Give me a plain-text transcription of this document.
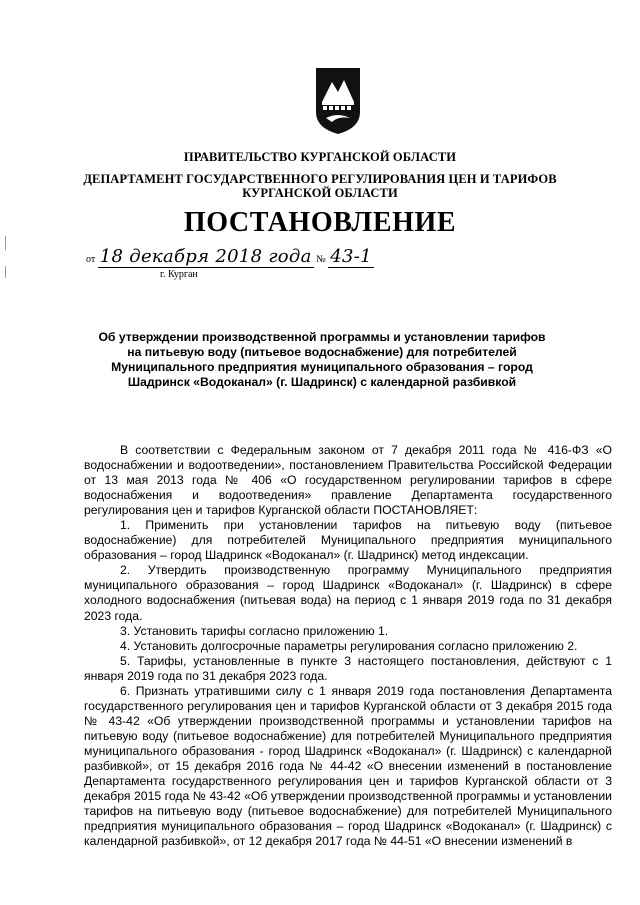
ПРАВИТЕЛЬСТВО КУРГАНСКОЙ ОБЛАСТИ
ДЕПАРТАМЕНТ ГОСУДАРСТВЕННОГО РЕГУЛИРОВАНИЯ ЦЕН И ТАРИФОВ
КУРГАНСКОЙ ОБЛАСТИ
ПОСТАНОВЛЕНИЕ
от 18 декабря 2018 года № 43-1
г. Курган
Об утверждении производственной программы и установлении тарифов на питьевую воду (питьевое водоснабжение) для потребителей Муниципального предприятия муниципального образования – город Шадринск «Водоканал» (г. Шадринск) с календарной разбивкой

В соответствии с Федеральным законом от 7 декабря 2011 года № 416-ФЗ «О водоснабжении и водоотведении», постановлением Правительства Российской Федерации от 13 мая 2013 года № 406 «О государственном регулировании тарифов в сфере водоснабжения и водоотведения» правление Департамента государственного регулирования цен и тарифов Курганской области ПОСТАНОВЛЯЕТ:

1. Применить при установлении тарифов на питьевую воду (питьевое водоснабжение) для потребителей Муниципального предприятия муниципального образования – город Шадринск «Водоканал» (г. Шадринск) метод индексации.

2. Утвердить производственную программу Муниципального предприятия муниципального образования – город Шадринск «Водоканал» (г. Шадринск) в сфере холодного водоснабжения (питьевая вода) на период с 1 января 2019 года по 31 декабря 2023 года.

3. Установить тарифы согласно приложению 1.

4. Установить долгосрочные параметры регулирования согласно приложению 2.

5. Тарифы, установленные в пункте 3 настоящего постановления, действуют с 1 января 2019 года по 31 декабря 2023 года.

6. Признать утратившими силу с 1 января 2019 года постановления Департамента государственного регулирования цен и тарифов Курганской области от 3 декабря 2015 года № 43-42 «Об утверждении производственной программы и установлении тарифов на питьевую воду (питьевое водоснабжение) для потребителей Муниципального предприятия муниципального образования - город Шадринск «Водоканал» (г. Шадринск) с календарной разбивкой», от 15 декабря 2016 года № 44-42 «О внесении изменений в постановление Департамента государственного регулирования цен и тарифов Курганской области от 3 декабря 2015 года № 43-42 «Об утверждении производственной программы и установлении тарифов на питьевую воду (питьевое водоснабжение) для потребителей Муниципального предприятия муниципального образования – город Шадринск «Водоканал» (г. Шадринск) с календарной разбивкой», от 12 декабря 2017 года № 44-51 «О внесении изменений в
